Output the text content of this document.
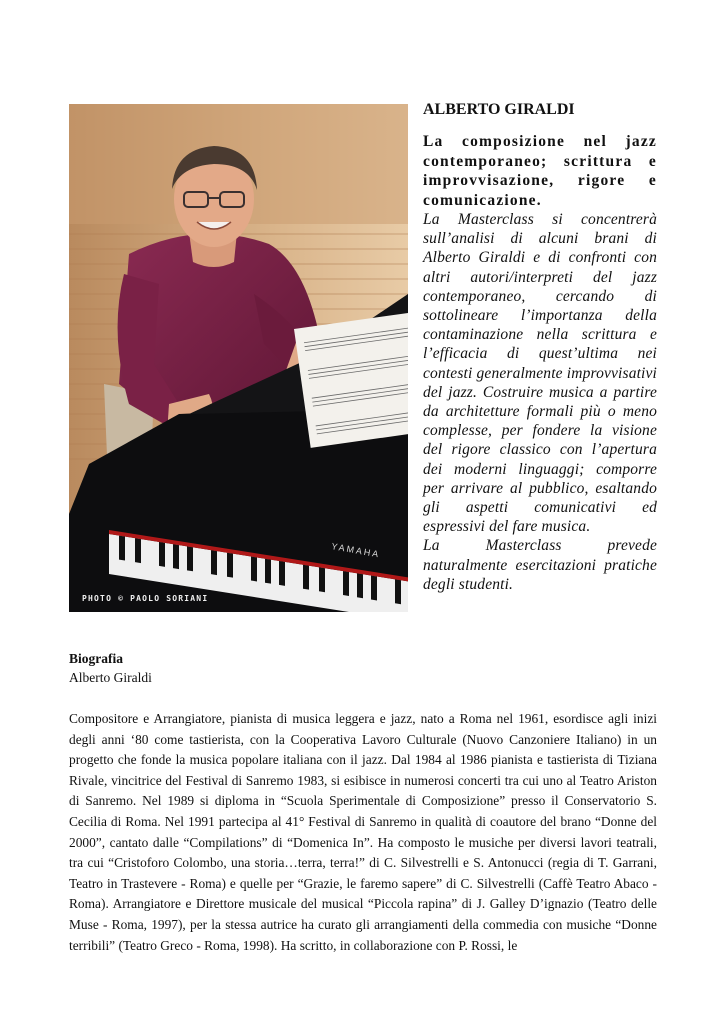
YAMAHA
PHOTO © PAOLO SORIANI

ALBERTO GIRALDI

La composizione nel jazz contemporaneo; scrittura e improvvisazione, rigore e comunicazione.

La Masterclass si concentrerà sull’analisi di alcuni brani di Alberto Giraldi e di confronti con altri autori/interpreti del jazz contemporaneo, cercando di sottolineare l’importanza della contaminazione nella scrittura e l’efficacia di quest’ultima nei contesti generalmente improvvisativi del jazz. Costruire musica a partire da architetture formali più o meno complesse, per fondere la visione del rigore classico con l’apertura dei moderni linguaggi; comporre per arrivare al pubblico, esaltando gli aspetti comunicativi ed espressivi del fare musica.

La Masterclass prevede naturalmente esercitazioni pratiche degli studenti.

Biografia
Alberto Giraldi

Compositore e Arrangiatore, pianista di musica leggera e jazz, nato a Roma nel 1961, esordisce agli inizi degli anni ‘80 come tastierista, con la Cooperativa Lavoro Culturale (Nuovo Canzoniere Italiano) in un progetto che fonde la musica popolare italiana con il jazz. Dal 1984 al 1986 pianista e tastierista di Tiziana Rivale, vincitrice del Festival di Sanremo 1983, si esibisce in numerosi concerti tra cui uno al Teatro Ariston di Sanremo. Nel 1989 si diploma in “Scuola Sperimentale di Composizione” presso il Conservatorio S. Cecilia di Roma. Nel 1991 partecipa al 41° Festival di Sanremo in qualità di coautore del brano “Donne del 2000”, cantato dalle “Compilations” di “Domenica In”. Ha composto le musiche per diversi lavori teatrali, tra cui “Cristoforo Colombo, una storia…terra, terra!” di C. Silvestrelli e S. Antonucci (regia di T. Garrani, Teatro in Trastevere - Roma) e quelle per “Grazie, le faremo sapere” di C. Silvestrelli (Caffè Teatro Abaco - Roma). Arrangiatore e Direttore musicale del musical “Piccola rapina” di J. Galley D’ignazio (Teatro delle Muse - Roma, 1997), per la stessa autrice ha curato gli arrangiamenti della commedia con musiche “Donne terribili” (Teatro Greco - Roma, 1998). Ha scritto, in collaborazione con P. Rossi, le
